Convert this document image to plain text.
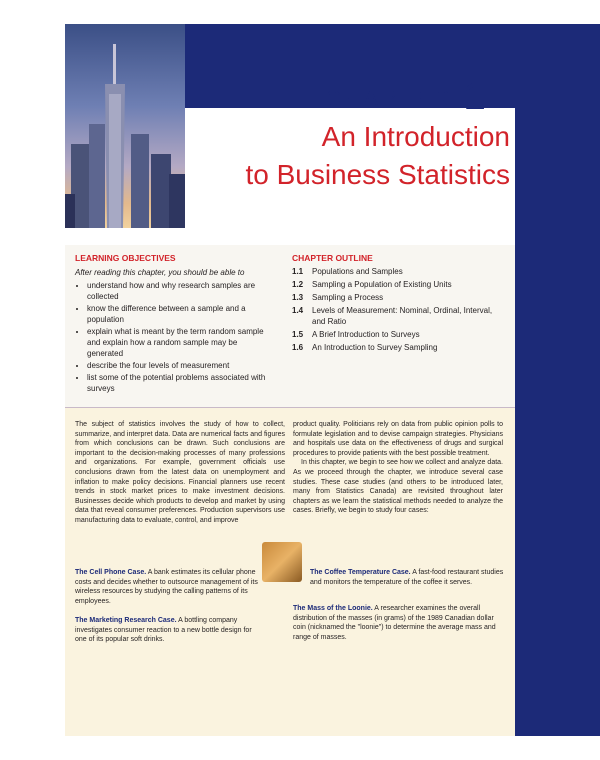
CHAPTER 1
An Introduction
to Business Statistics
LEARNING OBJECTIVES
After reading this chapter, you should be able to
• understand how and why research samples are collected
• know the difference between a sample and a population
• explain what is meant by the term random sample and explain how a random sample may be generated
• describe the four levels of measurement
• list some of the potential problems associated with surveys
CHAPTER OUTLINE
1.1	Populations and Samples
1.2	Sampling a Population of Existing Units
1.3	Sampling a Process
1.4	Levels of Measurement: Nominal, Ordinal, Interval, and Ratio
1.5	A Brief Introduction to Surveys
1.6	An Introduction to Survey Sampling

The subject of statistics involves the study of how to collect, summarize, and interpret data. Data are numerical facts and figures from which conclusions can be drawn. Such conclusions are important to the decision-making processes of many professions and organizations. For example, government officials use conclusions drawn from the latest data on unemployment and inflation to make policy decisions. Financial planners use recent trends in stock market prices to make investment decisions. Businesses decide which products to develop and market by using data that reveal consumer preferences. Production supervisors use manufacturing data to evaluate, control, and improve

product quality. Politicians rely on data from public opinion polls to formulate legislation and to devise campaign strategies. Physicians and hospitals use data on the effectiveness of drugs and surgical procedures to provide patients with the best possible treatment.

In this chapter, we begin to see how we collect and analyze data. As we proceed through the chapter, we introduce several case studies. These case studies (and others to be introduced later, many from Statistics Canada) are revisited throughout later chapters as we learn the statistical methods needed to analyze the cases. Briefly, we begin to study four cases:

The Cell Phone Case. A bank estimates its cellular phone costs and decides whether to outsource management of its wireless resources by studying the calling patterns of its employees.
The Marketing Research Case. A bottling company investigates consumer reaction to a new bottle design for one of its popular soft drinks.
The Coffee Temperature Case. A fast-food restaurant studies and monitors the temperature of the coffee it serves.
The Mass of the Loonie. A researcher examines the overall distribution of the masses (in grams) of the 1989 Canadian dollar coin (nicknamed the "loonie") to determine the average mass and range of masses.
